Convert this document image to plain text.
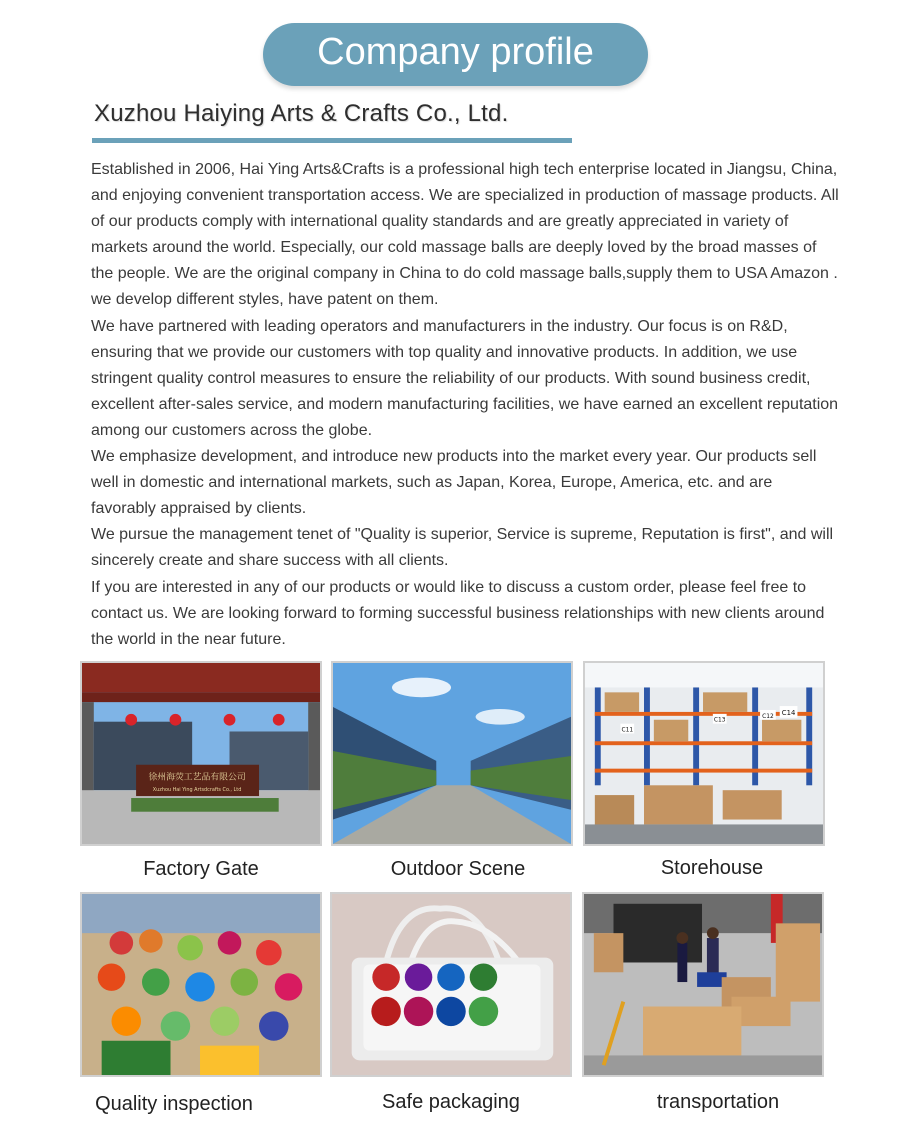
Company profile
Xuzhou Haiying Arts & Crafts Co., Ltd.

Established in 2006, Hai Ying Arts&Crafts is a professional high tech enterprise located in Jiangsu, China, and enjoying convenient transportation access. We are specialized in production of massage products. All of our products comply with international quality standards and are greatly appreciated in variety of markets around the world. Especially, our cold massage balls are deeply loved by the broad masses of the people. We are the original company in China to do cold massage balls,supply them to USA Amazon . we develop different styles, have patent on them.

We have partnered with leading operators and manufacturers in the industry. Our focus is on R&D, ensuring that we provide our customers with top quality and innovative products. In addition, we use stringent quality control measures to ensure the reliability of our products. With sound business credit, excellent after-sales service, and modern manufacturing facilities, we have earned an excellent reputation among our customers across the globe.

We emphasize development, and introduce new products into the market every year. Our products sell well in domestic and international markets, such as Japan, Korea, Europe, America, etc. and are favorably appraised by clients.

We pursue the management tenet of "Quality is superior, Service is supreme, Reputation is first", and will sincerely create and share success with all clients.

If you are interested in any of our products or would like to discuss a custom order, please feel free to contact us. We are looking forward to forming successful business relationships with new clients around the world in the near future.

徐州海荧工艺品有限公司
Xuzhou Hai Ying Artsdcrafts Co., Ltd
Factory Gate	Outdoor Scene
C13
C14
C12
C11
Storehouse
Quality inspection	Safe packaging	transportation
